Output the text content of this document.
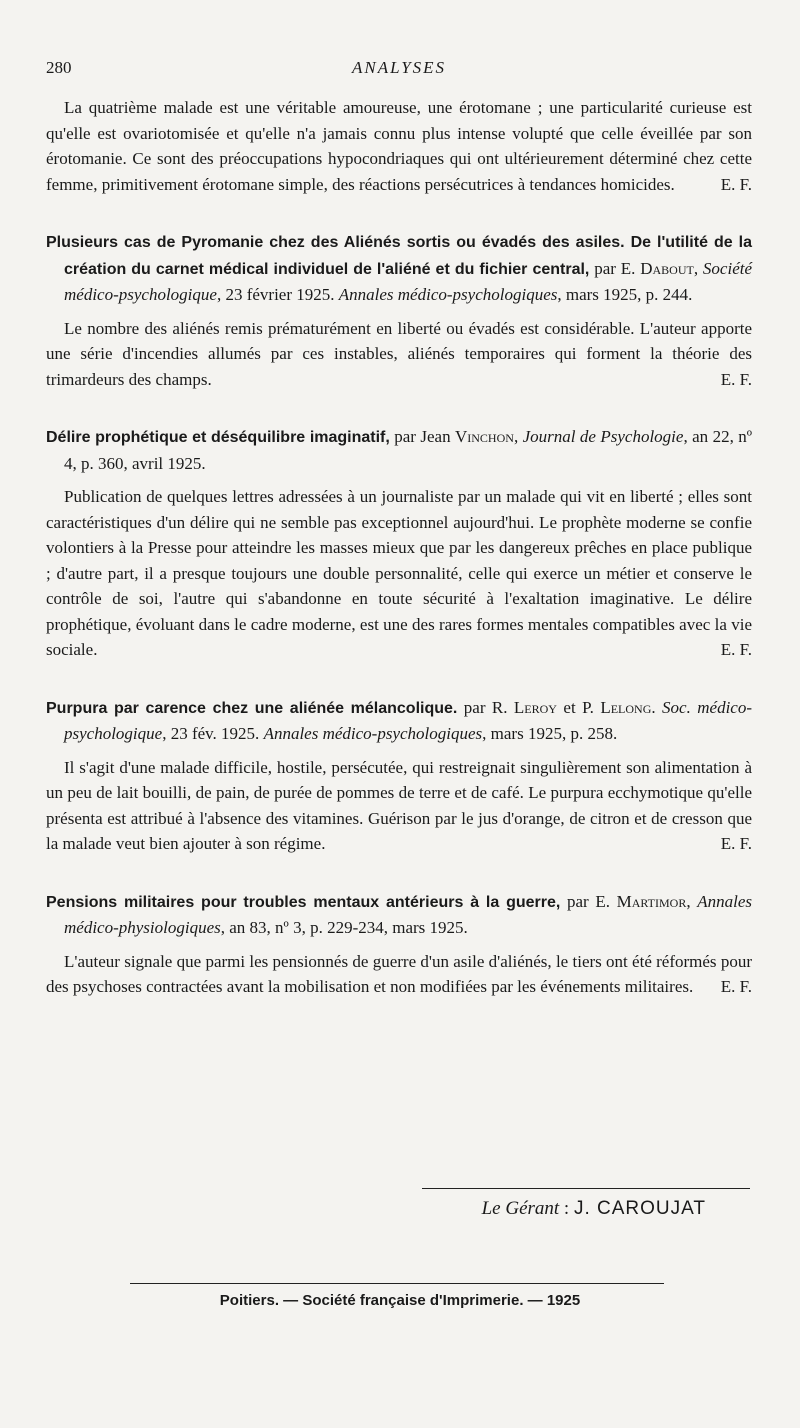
280	ANALYSES

La quatrième malade est une véritable amoureuse, une érotomane ; une particularité curieuse est qu'elle est ovariotomisée et qu'elle n'a jamais connu plus intense volupté que celle éveillée par son érotomanie. Ce sont des préoccupations hypocondriaques qui ont ultérieurement déterminé chez cette femme, primitivement érotomane simple, des réactions persécutrices à tendances homicides.	E. F.

Plusieurs cas de Pyromanie chez des Aliénés sortis ou évadés des asiles. De l'utilité de la création du carnet médical individuel de l'aliéné et du fichier central, par E. Dabout, Société médico-psychologique, 23 février 1925. Annales médico-psychologiques, mars 1925, p. 244.

Le nombre des aliénés remis prématurément en liberté ou évadés est considérable. L'auteur apporte une série d'incendies allumés par ces instables, aliénés temporaires qui forment la théorie des trimardeurs des champs.	E. F.

Délire prophétique et déséquilibre imaginatif, par Jean Vinchon, Journal de Psychologie, an 22, nº 4, p. 360, avril 1925.

Publication de quelques lettres adressées à un journaliste par un malade qui vit en liberté ; elles sont caractéristiques d'un délire qui ne semble pas exceptionnel aujourd'hui. Le prophète moderne se confie volontiers à la Presse pour atteindre les masses mieux que par les dangereux prêches en place publique ; d'autre part, il a presque toujours une double personnalité, celle qui exerce un métier et conserve le contrôle de soi, l'autre qui s'abandonne en toute sécurité à l'exaltation imaginative. Le délire prophétique, évoluant dans le cadre moderne, est une des rares formes mentales compatibles avec la vie sociale.	E. F.

Purpura par carence chez une aliénée mélancolique. par R. Leroy et P. Lelong. Soc. médico-psychologique, 23 fév. 1925. Annales médico-psychologiques, mars 1925, p. 258.

Il s'agit d'une malade difficile, hostile, persécutée, qui restreignait singulièrement son alimentation à un peu de lait bouilli, de pain, de purée de pommes de terre et de café. Le purpura ecchymotique qu'elle présenta est attribué à l'absence des vitamines. Guérison par le jus d'orange, de citron et de cresson que la malade veut bien ajouter à son régime.	E. F.

Pensions militaires pour troubles mentaux antérieurs à la guerre, par E. Martimor, Annales médico-physiologiques, an 83, nº 3, p. 229-234, mars 1925.

L'auteur signale que parmi les pensionnés de guerre d'un asile d'aliénés, le tiers ont été réformés pour des psychoses contractées avant la mobilisation et non modifiées par les événements militaires.	E. F.

Le Gérant : J. CAROUJAT
Poitiers. — Société française d'Imprimerie. — 1925
